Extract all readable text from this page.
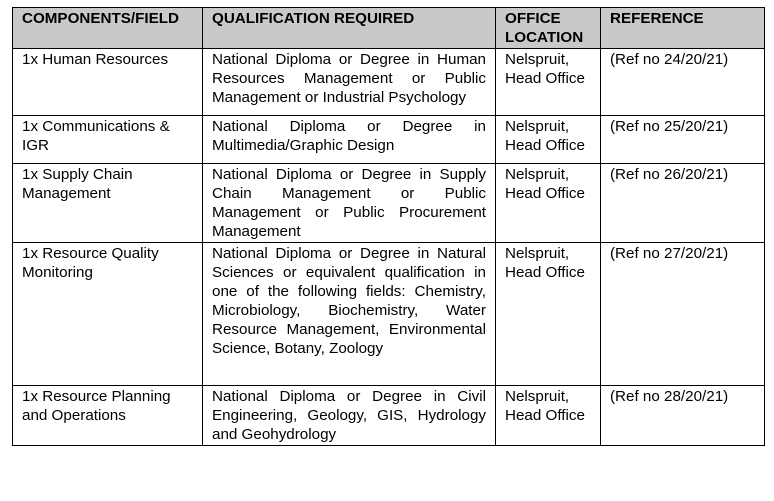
COMPONENTS/FIELD	QUALIFICATION REQUIRED	OFFICE LOCATION	REFERENCE
1x Human Resources	National Diploma or Degree in Human Resources Management or Public Management or Industrial Psychology	Nelspruit, Head Office	(Ref no 24/20/21)
1x Communications & IGR	National Diploma or Degree in Multimedia/Graphic Design	Nelspruit, Head Office	(Ref no 25/20/21)
1x Supply Chain Management	National Diploma or Degree in Supply Chain Management or Public Management or Public Procurement Management	Nelspruit, Head Office	(Ref no 26/20/21)
1x Resource Quality Monitoring	National Diploma or Degree in Natural Sciences or equivalent qualification in one of the following fields: Chemistry, Microbiology, Biochemistry, Water Resource Management, Environmental Science, Botany, Zoology	Nelspruit, Head Office	(Ref no 27/20/21)
1x Resource Planning and Operations	National Diploma or Degree in Civil Engineering, Geology, GIS, Hydrology and Geohydrology	Nelspruit, Head Office	(Ref no 28/20/21)
